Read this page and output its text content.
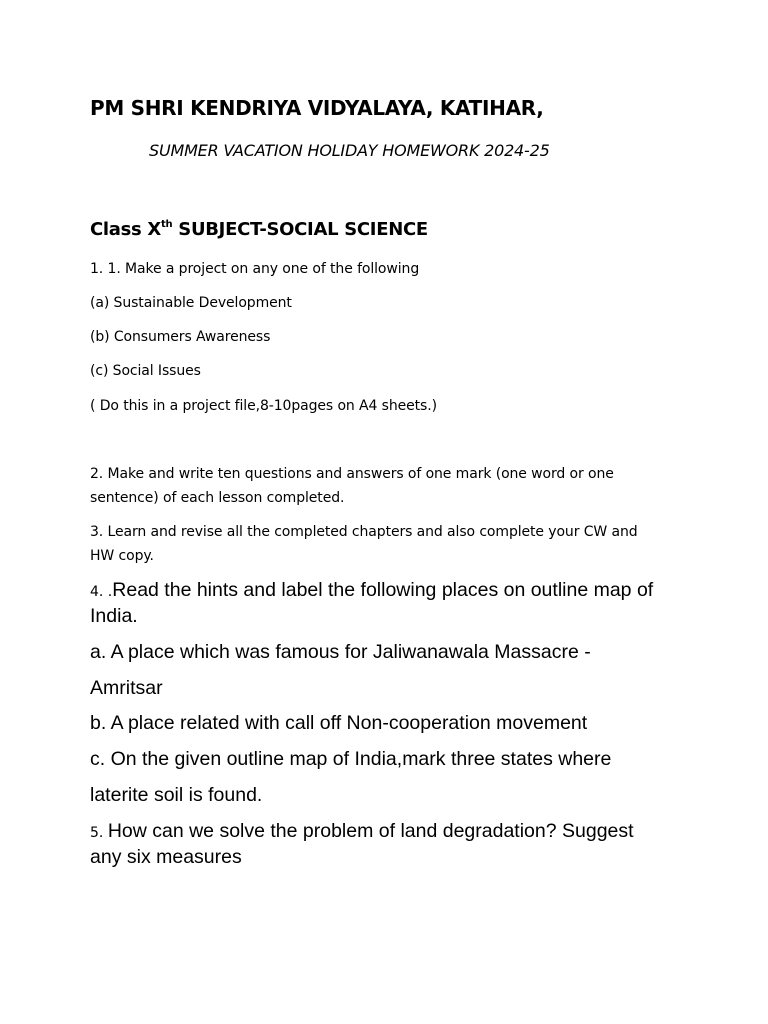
PM SHRI KENDRIYA VIDYALAYA, KATIHAR,
SUMMER VACATION HOLIDAY HOMEWORK 2024-25
Class Xth SUBJECT-SOCIAL SCIENCE
1. 1. Make a project on any one of the following
(a) Sustainable Development
(b) Consumers Awareness
(c) Social Issues
( Do this in a project file,8-10pages on A4 sheets.)
2. Make and write ten questions and answers of one mark (one word or one
sentence) of each lesson completed.
3. Learn and revise all the completed chapters and also complete your CW and
HW copy.
4. .Read the hints and label the following places on outline map of
India.
a. A place which was famous for Jaliwanawala Massacre -
Amritsar
b. A place related with call off Non-cooperation movement
c. On the given outline map of India,mark three states where
laterite soil is found.
5. How can we solve the problem of land degradation? Suggest
any six measures
